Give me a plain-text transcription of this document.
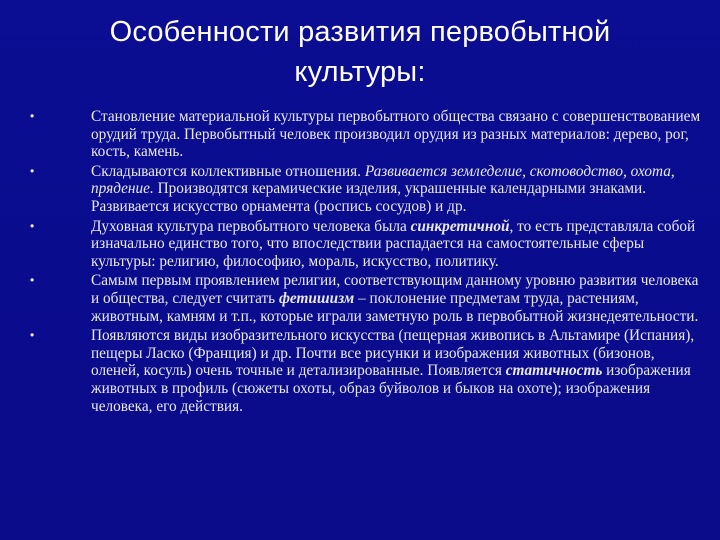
Особенности развития первобытной
культуры:
•	Становление материальной культуры первобытного общества связано с совершенствованием орудий труда. Первобытный человек производил орудия из разных материалов: дерево, рог, кость, камень.
•	Складываются коллективные отношения. Развивается земледелие, скотоводство, охота, прядение. Производятся керамические изделия, украшенные календарными знаками. Развивается искусство орнамента (роспись сосудов) и др.
•	Духовная культура первобытного человека была синкретичной, то есть представляла собой изначально единство того, что впоследствии распадается на самостоятельные сферы культуры: религию, философию, мораль, искусство, политику.
•	Самым первым проявлением религии, соответствующим данному уровню развития человека и общества, следует считать фетишизм – поклонение предметам труда, растениям, животным, камням и т.п., которые играли заметную роль в первобытной жизнедеятельности.
•	Появляются виды изобразительного искусства (пещерная живопись в Альтамире (Испания), пещеры Ласко (Франция) и др. Почти все рисунки и изображения животных (бизонов, оленей, косуль) очень точные и детализированные. Появляется статичность изображения животных в профиль (сюжеты охоты, образ буйволов и быков на охоте); изображения человека, его действия.
